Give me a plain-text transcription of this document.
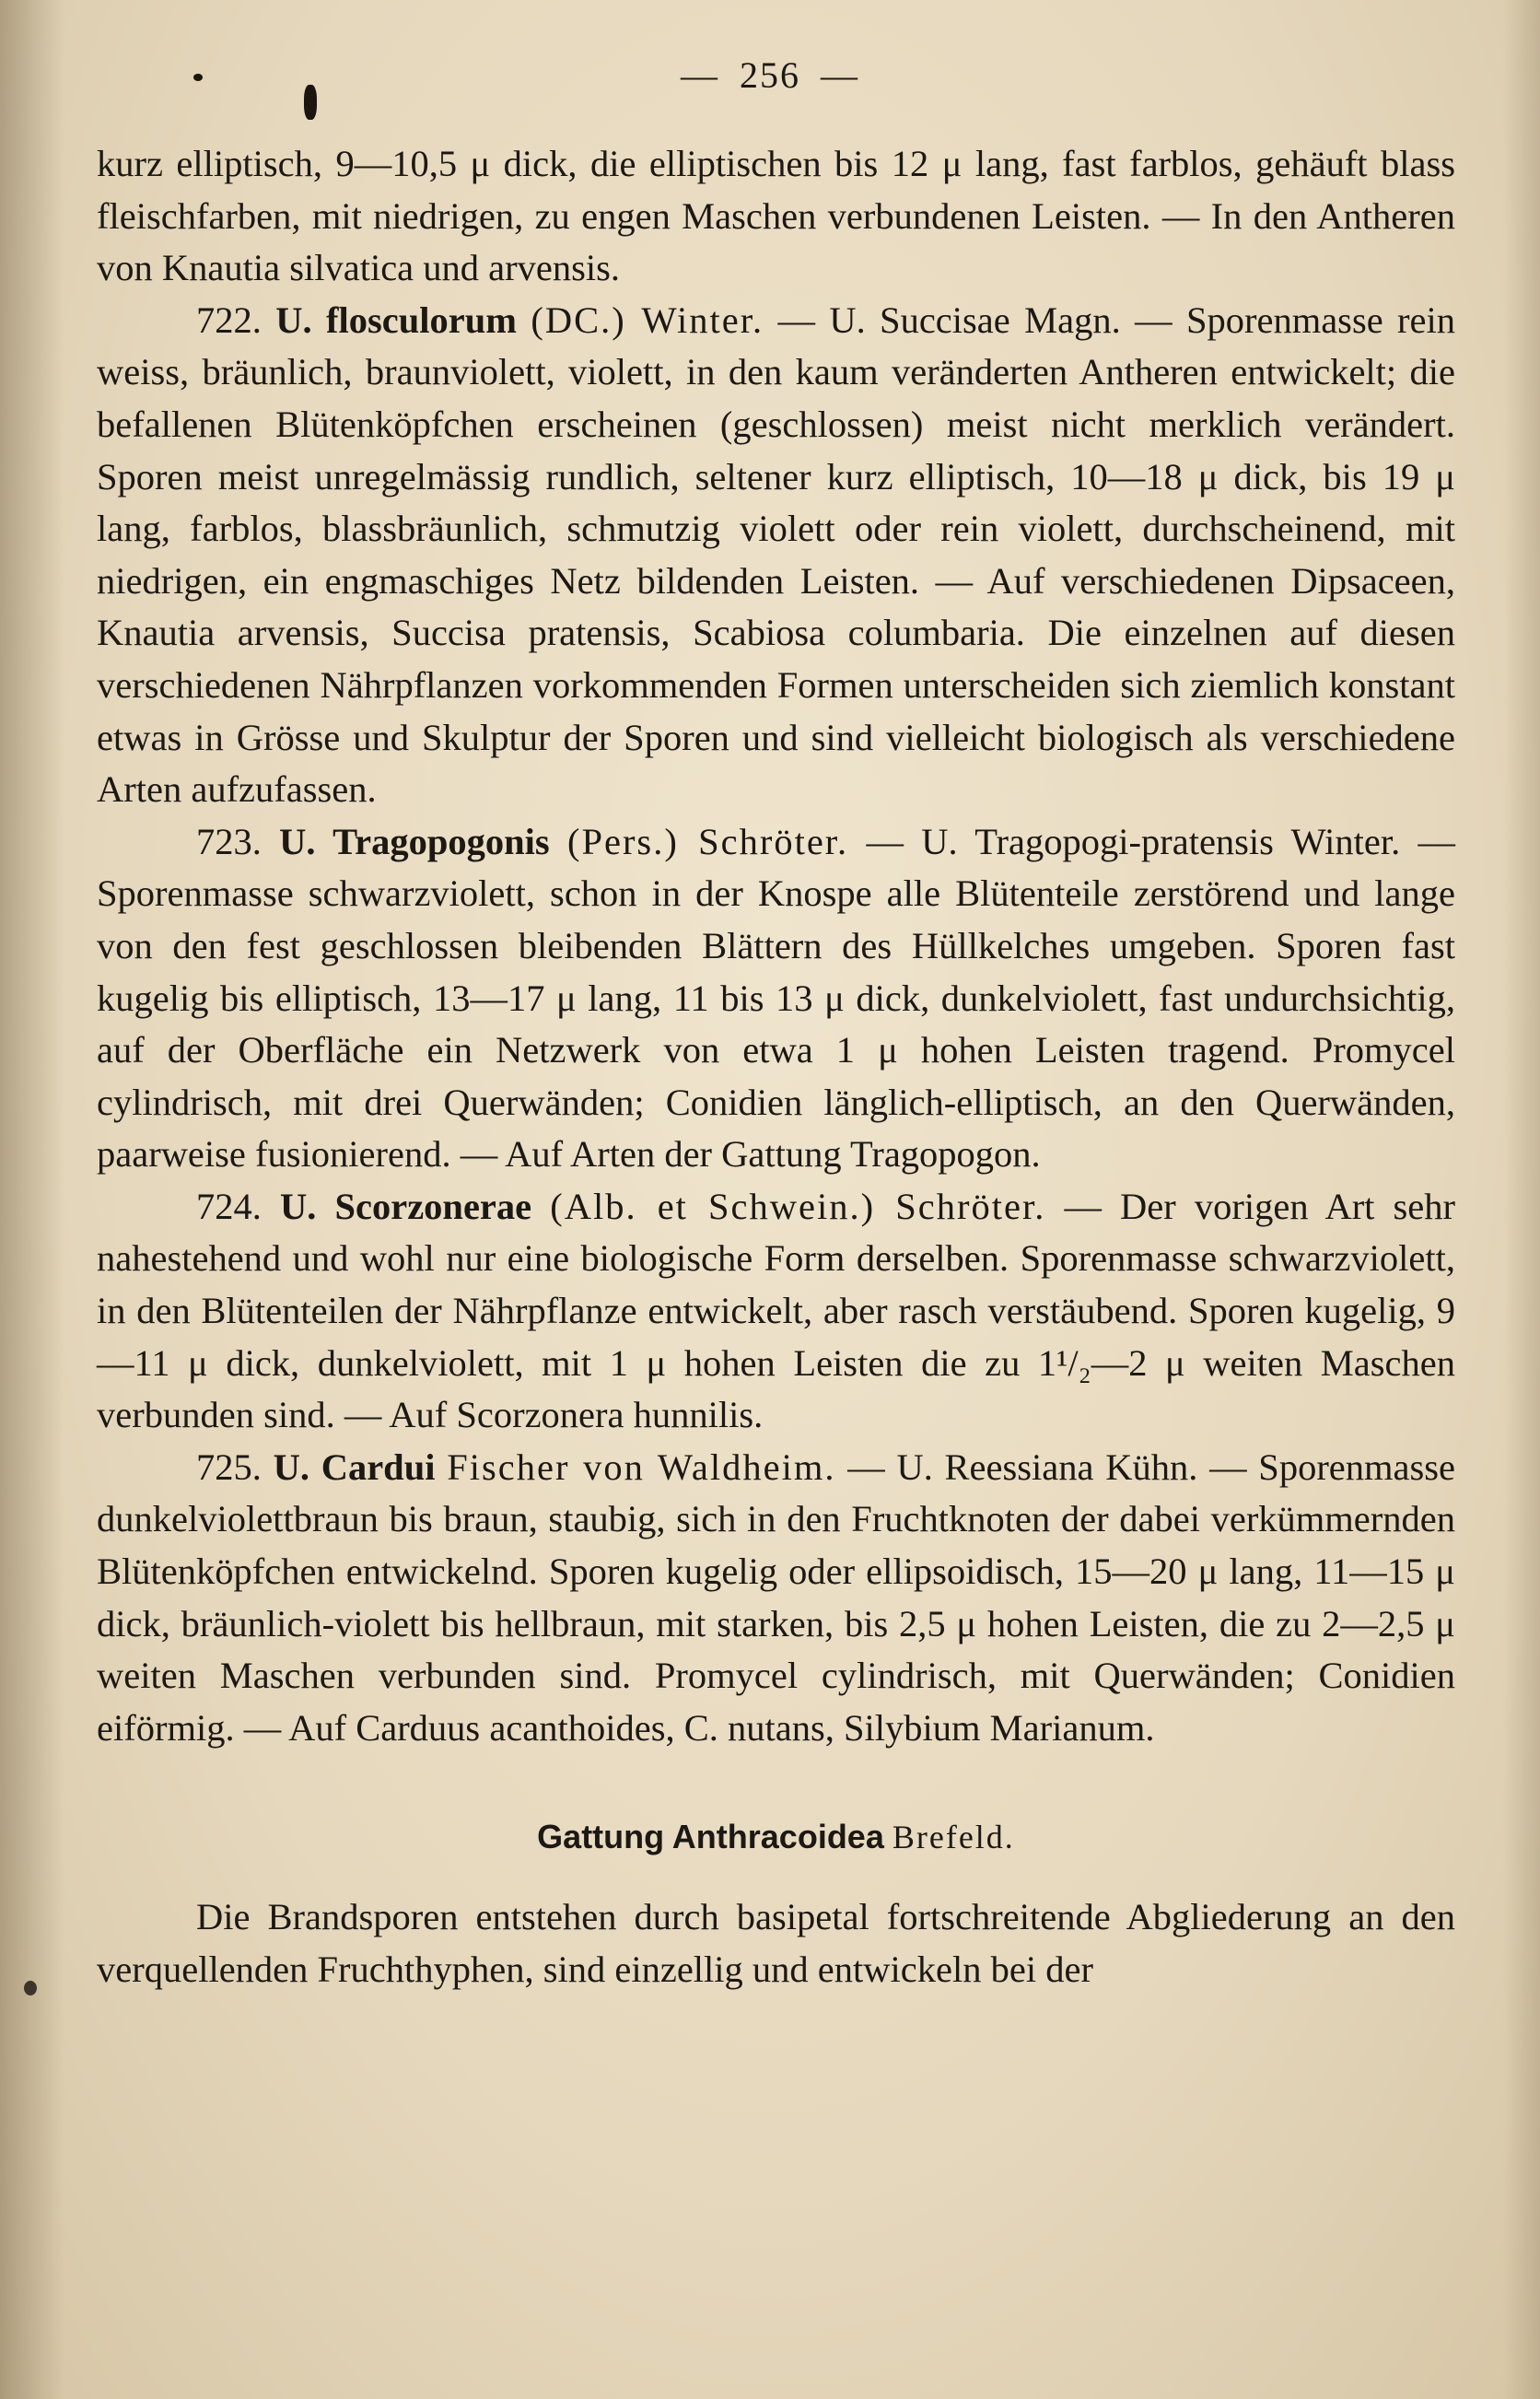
— 256 —

kurz elliptisch, 9—10,5 μ dick, die elliptischen bis 12 μ lang, fast farblos, gehäuft blass fleischfarben, mit niedrigen, zu engen Maschen verbundenen Leisten. — In den Antheren von Knautia silvatica und arvensis.

722. U. flosculorum (DC.) Winter. — U. Succisae Magn. — Sporenmasse rein weiss, bräunlich, braunviolett, violett, in den kaum veränderten Antheren entwickelt; die befallenen Blütenköpfchen erscheinen (geschlossen) meist nicht merklich verändert. Sporen meist unregelmässig rundlich, seltener kurz elliptisch, 10—18 μ dick, bis 19 μ lang, farblos, blassbräunlich, schmutzig violett oder rein violett, durchscheinend, mit niedrigen, ein engmaschiges Netz bildenden Leisten. — Auf verschiedenen Dipsaceen, Knautia arvensis, Succisa pratensis, Scabiosa columbaria. Die einzelnen auf diesen verschiedenen Nährpflanzen vorkommenden Formen unterscheiden sich ziemlich konstant etwas in Grösse und Skulptur der Sporen und sind vielleicht biologisch als verschiedene Arten aufzufassen.

723. U. Tragopogonis (Pers.) Schröter. — U. Tragopogi-pratensis Winter. — Sporenmasse schwarzviolett, schon in der Knospe alle Blütenteile zerstörend und lange von den fest geschlossen bleibenden Blättern des Hüllkelches umgeben. Sporen fast kugelig bis elliptisch, 13—17 μ lang, 11 bis 13 μ dick, dunkelviolett, fast undurchsichtig, auf der Oberfläche ein Netzwerk von etwa 1 μ hohen Leisten tragend. Promycel cylindrisch, mit drei Querwänden; Conidien länglich-elliptisch, an den Querwänden, paarweise fusionierend. — Auf Arten der Gattung Tragopogon.

724. U. Scorzonerae (Alb. et Schwein.) Schröter. — Der vorigen Art sehr nahestehend und wohl nur eine biologische Form derselben. Sporenmasse schwarzviolett, in den Blütenteilen der Nährpflanze entwickelt, aber rasch verstäubend. Sporen kugelig, 9—11 μ dick, dunkelviolett, mit 1 μ hohen Leisten die zu 1¹/₂—2 μ weiten Maschen verbunden sind. — Auf Scorzonera hunnilis.

725. U. Cardui Fischer von Waldheim. — U. Reessiana Kühn. — Sporenmasse dunkelviolettbraun bis braun, staubig, sich in den Fruchtknoten der dabei verkümmernden Blütenköpfchen entwickelnd. Sporen kugelig oder ellipsoidisch, 15—20 μ lang, 11—15 μ dick, bräunlich-violett bis hellbraun, mit starken, bis 2,5 μ hohen Leisten, die zu 2—2,5 μ weiten Maschen verbunden sind. Promycel cylindrisch, mit Querwänden; Conidien eiförmig. — Auf Carduus acanthoides, C. nutans, Silybium Marianum.

Gattung Anthracoidea Brefeld.

Die Brandsporen entstehen durch basipetal fortschreitende Abgliederung an den verquellenden Fruchthyphen, sind einzellig und entwickeln bei der
